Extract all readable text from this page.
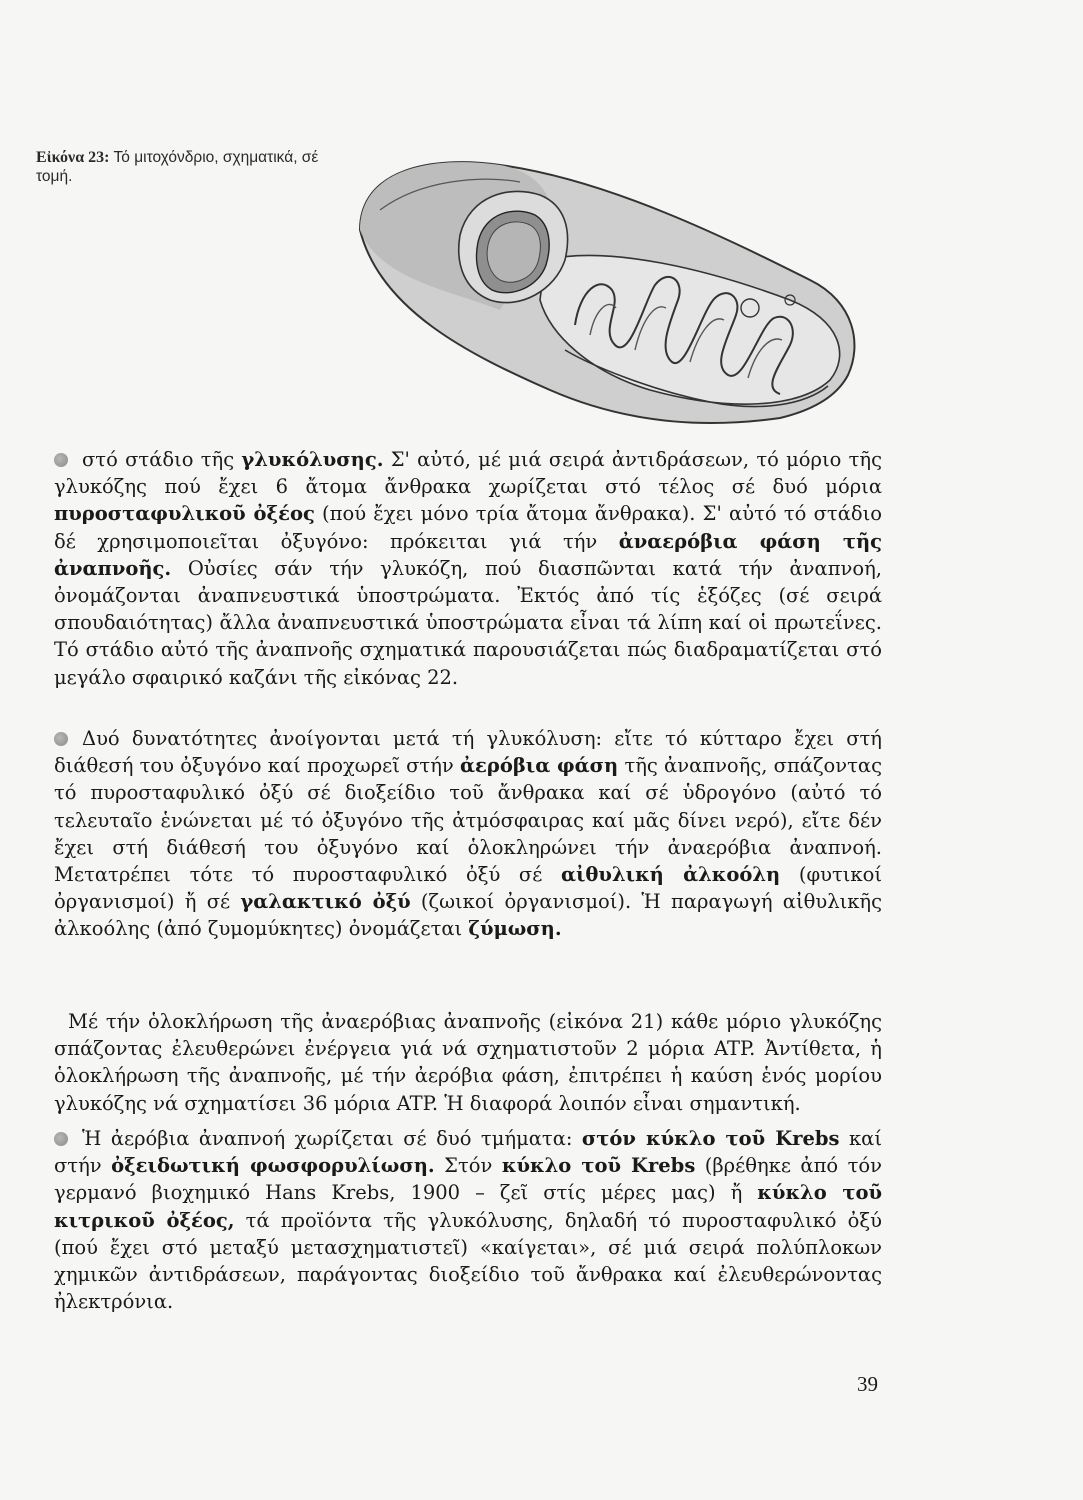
Εἰκόνα 23: Τό μιτοχόνδριο, σχηματικά, σέ τομή.

στό στάδιο τῆς γλυκόλυσης. Σ' αὐτό, μέ μιά σειρά ἀντιδράσεων, τό μόριο τῆς γλυκόζης πού ἔχει 6 ἄτομα ἄνθρακα χωρίζεται στό τέλος σέ δυό μόρια πυροσταφυλικοῦ ὀξέος (πού ἔχει μόνο τρία ἄτομα ἄνθρακα). Σ' αὐτό τό στάδιο δέ χρησιμοποιεῖται ὀξυγόνο: πρόκειται γιά τήν ἀναερόβια φάση τῆς ἀναπνοῆς. Οὐσίες σάν τήν γλυκόζη, πού διασπῶνται κατά τήν ἀναπνοή, ὀνομάζονται ἀναπνευστικά ὑποστρώματα. Ἐκτός ἀπό τίς ἑξόζες (σέ σειρά σπουδαιότητας) ἄλλα ἀναπνευστικά ὑποστρώματα εἶναι τά λίπη καί οἱ πρωτεΐνες. Τό στάδιο αὐτό τῆς ἀναπνοῆς σχηματικά παρουσιάζεται πώς διαδραματίζεται στό μεγάλο σφαιρικό καζάνι τῆς εἰκόνας 22.

Δυό δυνατότητες ἀνοίγονται μετά τή γλυκόλυση: εἴτε τό κύτταρο ἔχει στή διάθεσή του ὀξυγόνο καί προχωρεῖ στήν ἀερόβια φάση τῆς ἀναπνοῆς, σπάζοντας τό πυροσταφυλικό ὀξύ σέ διοξείδιο τοῦ ἄνθρακα καί σέ ὑδρογόνο (αὐτό τό τελευταῖο ἑνώνεται μέ τό ὀξυγόνο τῆς ἀτμόσφαιρας καί μᾶς δίνει νερό), εἴτε δέν ἔχει στή διάθεσή του ὀξυγόνο καί ὁλοκληρώνει τήν ἀναερόβια ἀναπνοή. Μετατρέπει τότε τό πυροσταφυλικό ὀξύ σέ αἰθυλική ἀλκοόλη (φυτικοί ὀργανισμοί) ἤ σέ γαλακτικό ὀξύ (ζωικοί ὀργανισμοί). Ἡ παραγωγή αἰθυλικῆς ἀλκοόλης (ἀπό ζυμομύκητες) ὀνομάζεται ζύμωση.

Μέ τήν ὁλοκλήρωση τῆς ἀναερόβιας ἀναπνοῆς (εἰκόνα 21) κάθε μόριο γλυκόζης σπάζοντας ἐλευθερώνει ἐνέργεια γιά νά σχηματιστοῦν 2 μόρια ATP. Ἀντίθετα, ἡ ὁλοκλήρωση τῆς ἀναπνοῆς, μέ τήν ἀερόβια φάση, ἐπιτρέπει ἡ καύση ἑνός μορίου γλυκόζης νά σχηματίσει 36 μόρια ATP. Ἡ διαφορά λοιπόν εἶναι σημαντική.

Ἡ ἀερόβια ἀναπνοή χωρίζεται σέ δυό τμήματα: στόν κύκλο τοῦ Krebs καί στήν ὀξειδωτική φωσφορυλίωση. Στόν κύκλο τοῦ Krebs (βρέθηκε ἀπό τόν γερμανό βιοχημικό Hans Krebs, 1900 – ζεῖ στίς μέρες μας) ἤ κύκλο τοῦ κιτρικοῦ ὀξέος, τά προϊόντα τῆς γλυκόλυσης, δηλαδή τό πυροσταφυλικό ὀξύ (πού ἔχει στό μεταξύ μετασχηματιστεῖ) «καίγεται», σέ μιά σειρά πολύπλοκων χημικῶν ἀντιδράσεων, παράγοντας διοξείδιο τοῦ ἄνθρακα καί ἐλευθερώνοντας ἠλεκτρόνια.

39
